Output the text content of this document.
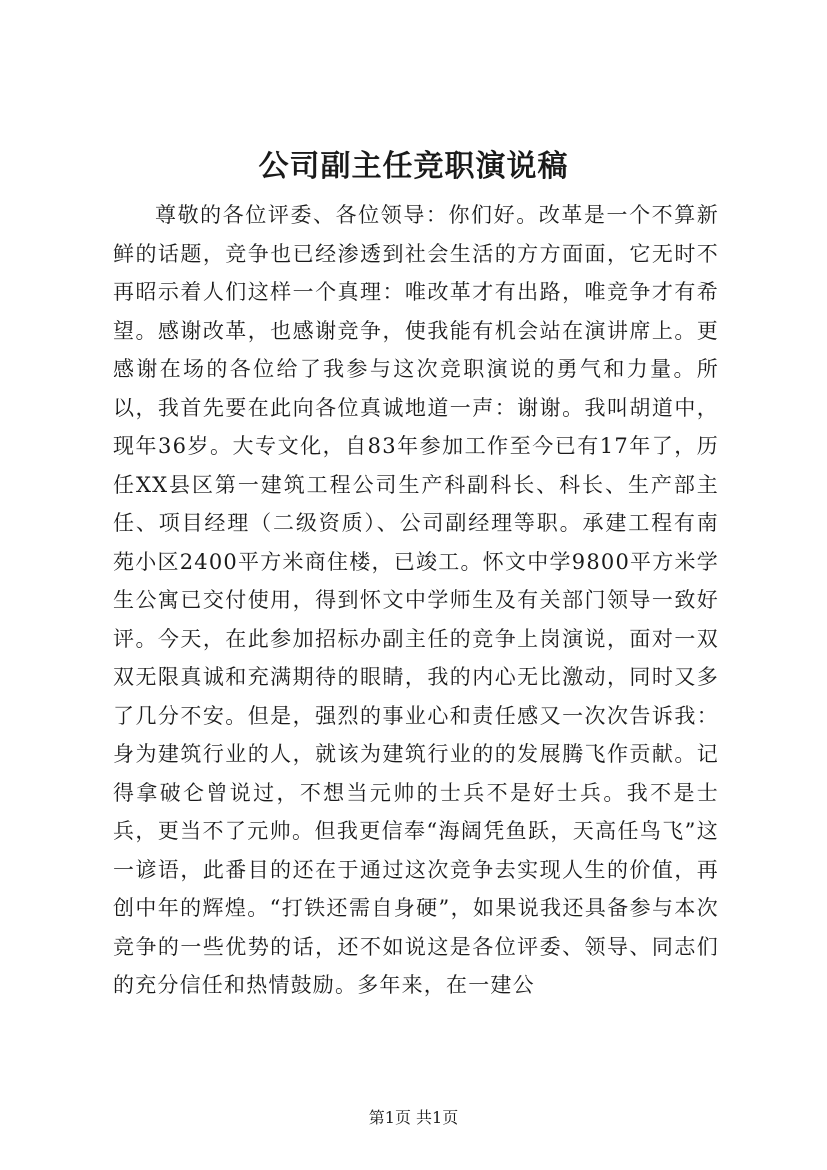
公司副主任竞职演说稿

尊敬的各位评委、各位领导：你们好。改革是一个不算新鲜的话题，竞争也已经渗透到社会生活的方方面面，它无时不再昭示着人们这样一个真理：唯改革才有出路，唯竞争才有希望。感谢改革，也感谢竞争，使我能有机会站在演讲席上。更感谢在场的各位给了我参与这次竞职演说的勇气和力量。所以，我首先要在此向各位真诚地道一声：谢谢。我叫胡道中，现年36岁。大专文化，自83年参加工作至今已有17年了，历任XX县区第一建筑工程公司生产科副科长、科长、生产部主任、项目经理（二级资质）、公司副经理等职。承建工程有南苑小区2400平方米商住楼，已竣工。怀文中学9800平方米学生公寓已交付使用，得到怀文中学师生及有关部门领导一致好评。今天，在此参加招标办副主任的竞争上岗演说，面对一双双无限真诚和充满期待的眼睛，我的内心无比激动，同时又多了几分不安。但是，强烈的事业心和责任感又一次次告诉我：身为建筑行业的人，就该为建筑行业的的发展腾飞作贡献。记得拿破仑曾说过，不想当元帅的士兵不是好士兵。我不是士兵，更当不了元帅。但我更信奉“海阔凭鱼跃，天高任鸟飞”这一谚语，此番目的还在于通过这次竞争去实现人生的价值，再创中年的辉煌。“打铁还需自身硬”，如果说我还具备参与本次竞争的一些优势的话，还不如说这是各位评委、领导、同志们的充分信任和热情鼓励。多年来，在一建公

第1页 共1页
